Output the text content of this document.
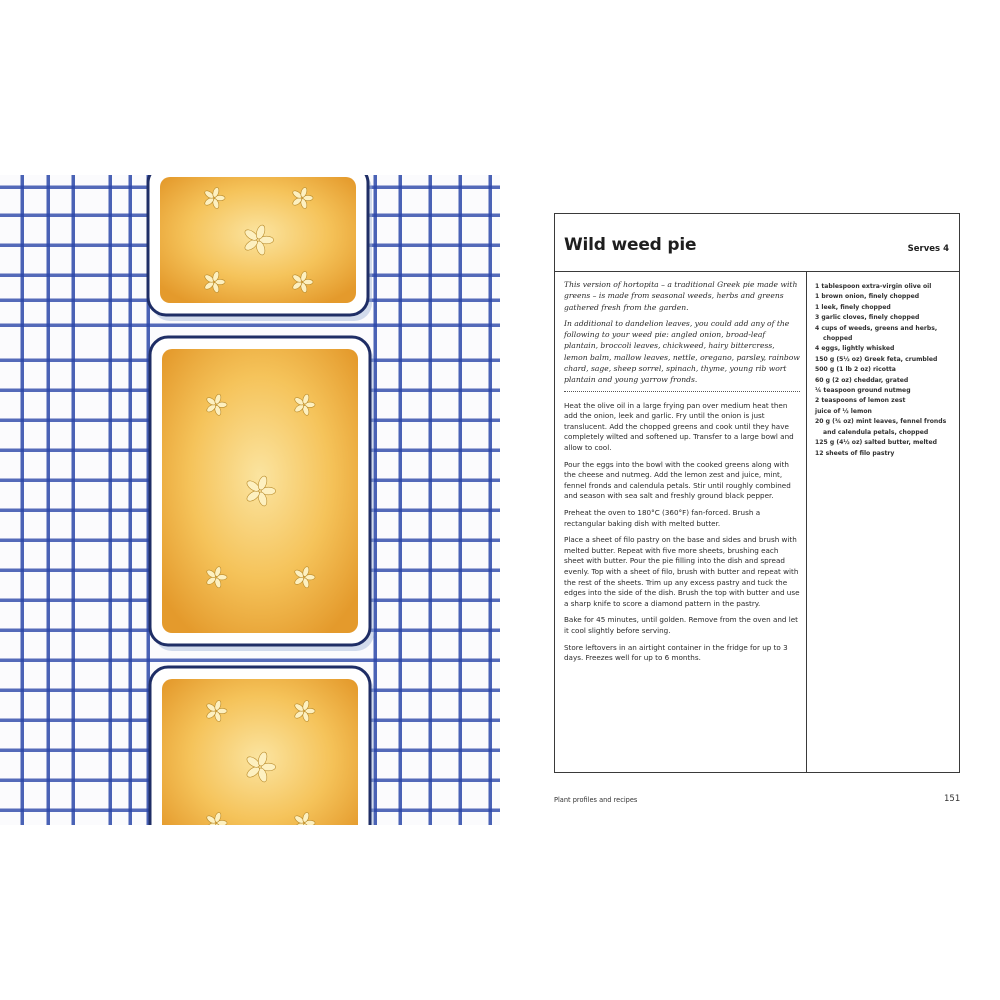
Wild weed pie	Serves 4

This version of hortopita – a traditional Greek pie made with greens – is made from seasonal weeds, herbs and greens gathered fresh from the garden.

In additional to dandelion leaves, you could add any of the following to your weed pie: angled onion, broad-leaf plantain, broccoli leaves, chickweed, hairy bittercress, lemon balm, mallow leaves, nettle, oregano, parsley, rainbow chard, sage, sheep sorrel, spinach, thyme, young rib wort plantain and young yarrow fronds.

Heat the olive oil in a large frying pan over medium heat then add the onion, leek and garlic. Fry until the onion is just translucent. Add the chopped greens and cook until they have completely wilted and softened up. Transfer to a large bowl and allow to cool.

Pour the eggs into the bowl with the cooked greens along with the cheese and nutmeg. Add the lemon zest and juice, mint, fennel fronds and calendula petals. Stir until roughly combined and season with sea salt and freshly ground black pepper.

Preheat the oven to 180°C (360°F) fan-forced. Brush a rectangular baking dish with melted butter.

Place a sheet of filo pastry on the base and sides and brush with melted butter. Repeat with five more sheets, brushing each sheet with butter. Pour the pie filling into the dish and spread evenly. Top with a sheet of filo, brush with butter and repeat with the rest of the sheets. Trim up any excess pastry and tuck the edges into the side of the dish. Brush the top with butter and use a sharp knife to score a diamond pattern in the pastry.

Bake for 45 minutes, until golden. Remove from the oven and let it cool slightly before serving.

Store leftovers in an airtight container in the fridge for up to 3 days. Freezes well for up to 6 months.

1 tablespoon extra-virgin olive oil
1 brown onion, finely chopped
1 leek, finely chopped
3 garlic cloves, finely chopped
4 cups of weeds, greens and herbs, chopped
4 eggs, lightly whisked
150 g (5½ oz) Greek feta, crumbled
500 g (1 lb 2 oz) ricotta
60 g (2 oz) cheddar, grated
¼ teaspoon ground nutmeg
2 teaspoons of lemon zest
juice of ½ lemon
20 g (¾ oz) mint leaves, fennel fronds and calendula petals, chopped
125 g (4½ oz) salted butter, melted
12 sheets of filo pastry
Plant profiles and recipes	151
